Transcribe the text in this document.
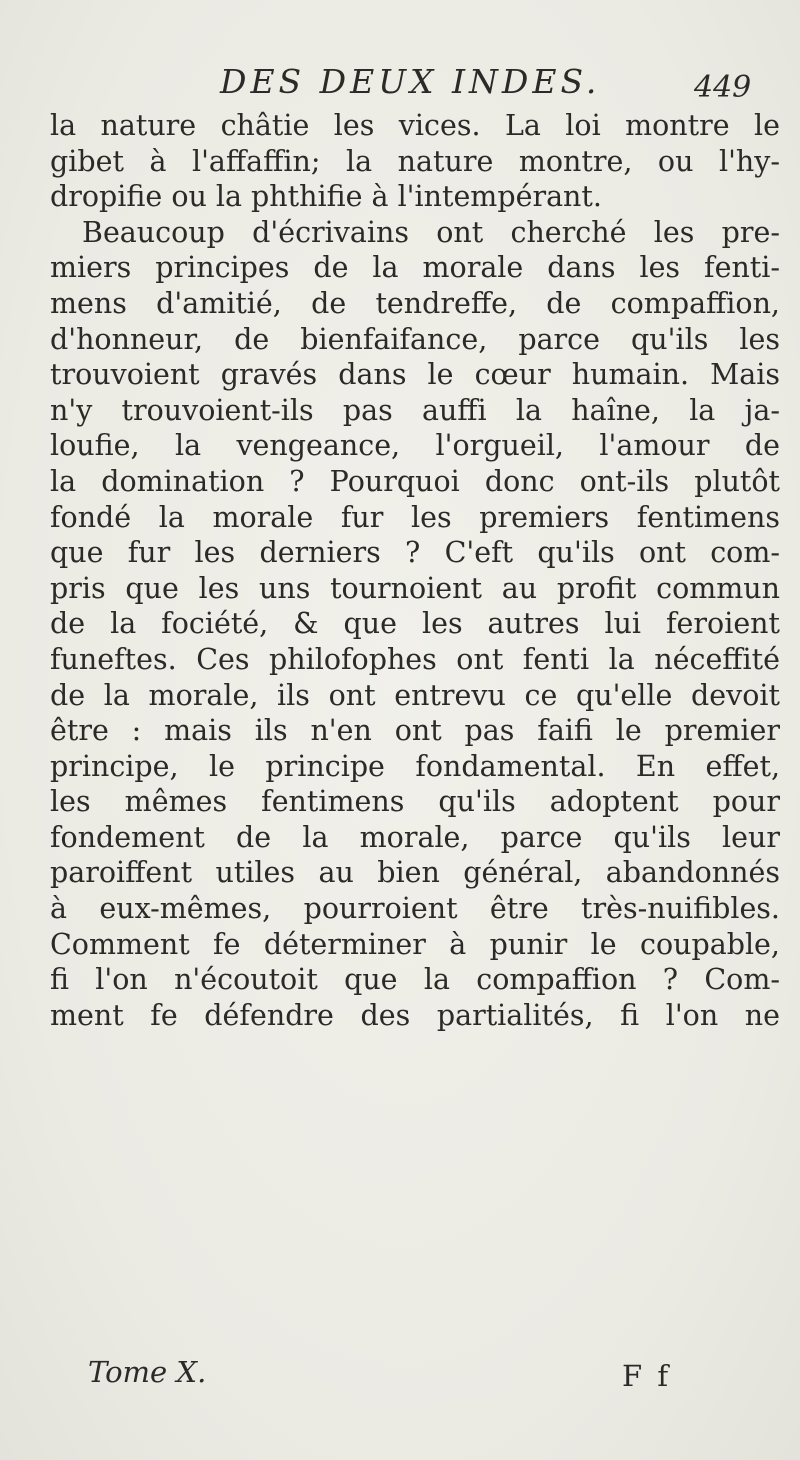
DES DEUX INDES.	449
la nature châtie les vices. La loi montre le
gibet à l'affaffin; la nature montre, ou l'hy-
dropifie ou la phthifie à l'intempérant.
Beaucoup d'écrivains ont cherché les pre-
miers principes de la morale dans les fenti-
mens d'amitié, de tendreffe, de compaffion,
d'honneur, de bienfaifance, parce qu'ils les
trouvoient gravés dans le cœur humain. Mais
n'y trouvoient-ils pas auffi la haîne, la ja-
loufie, la vengeance, l'orgueil, l'amour de
la domination ? Pourquoi donc ont-ils plutôt
fondé la morale fur les premiers fentimens
que fur les derniers ? C'eft qu'ils ont com-
pris que les uns tournoient au profit commun
de la fociété, & que les autres lui feroient
funeftes. Ces philofophes ont fenti la néceffité
de la morale, ils ont entrevu ce qu'elle devoit
être : mais ils n'en ont pas faifi le premier
principe, le principe fondamental. En effet,
les mêmes fentimens qu'ils adoptent pour
fondement de la morale, parce qu'ils leur
paroiffent utiles au bien général, abandonnés
à eux-mêmes, pourroient être très-nuifibles.
Comment fe déterminer à punir le coupable,
fi l'on n'écoutoit que la compaffion ? Com-
ment fe défendre des partialités, fi l'on ne
Tome X.	F f
